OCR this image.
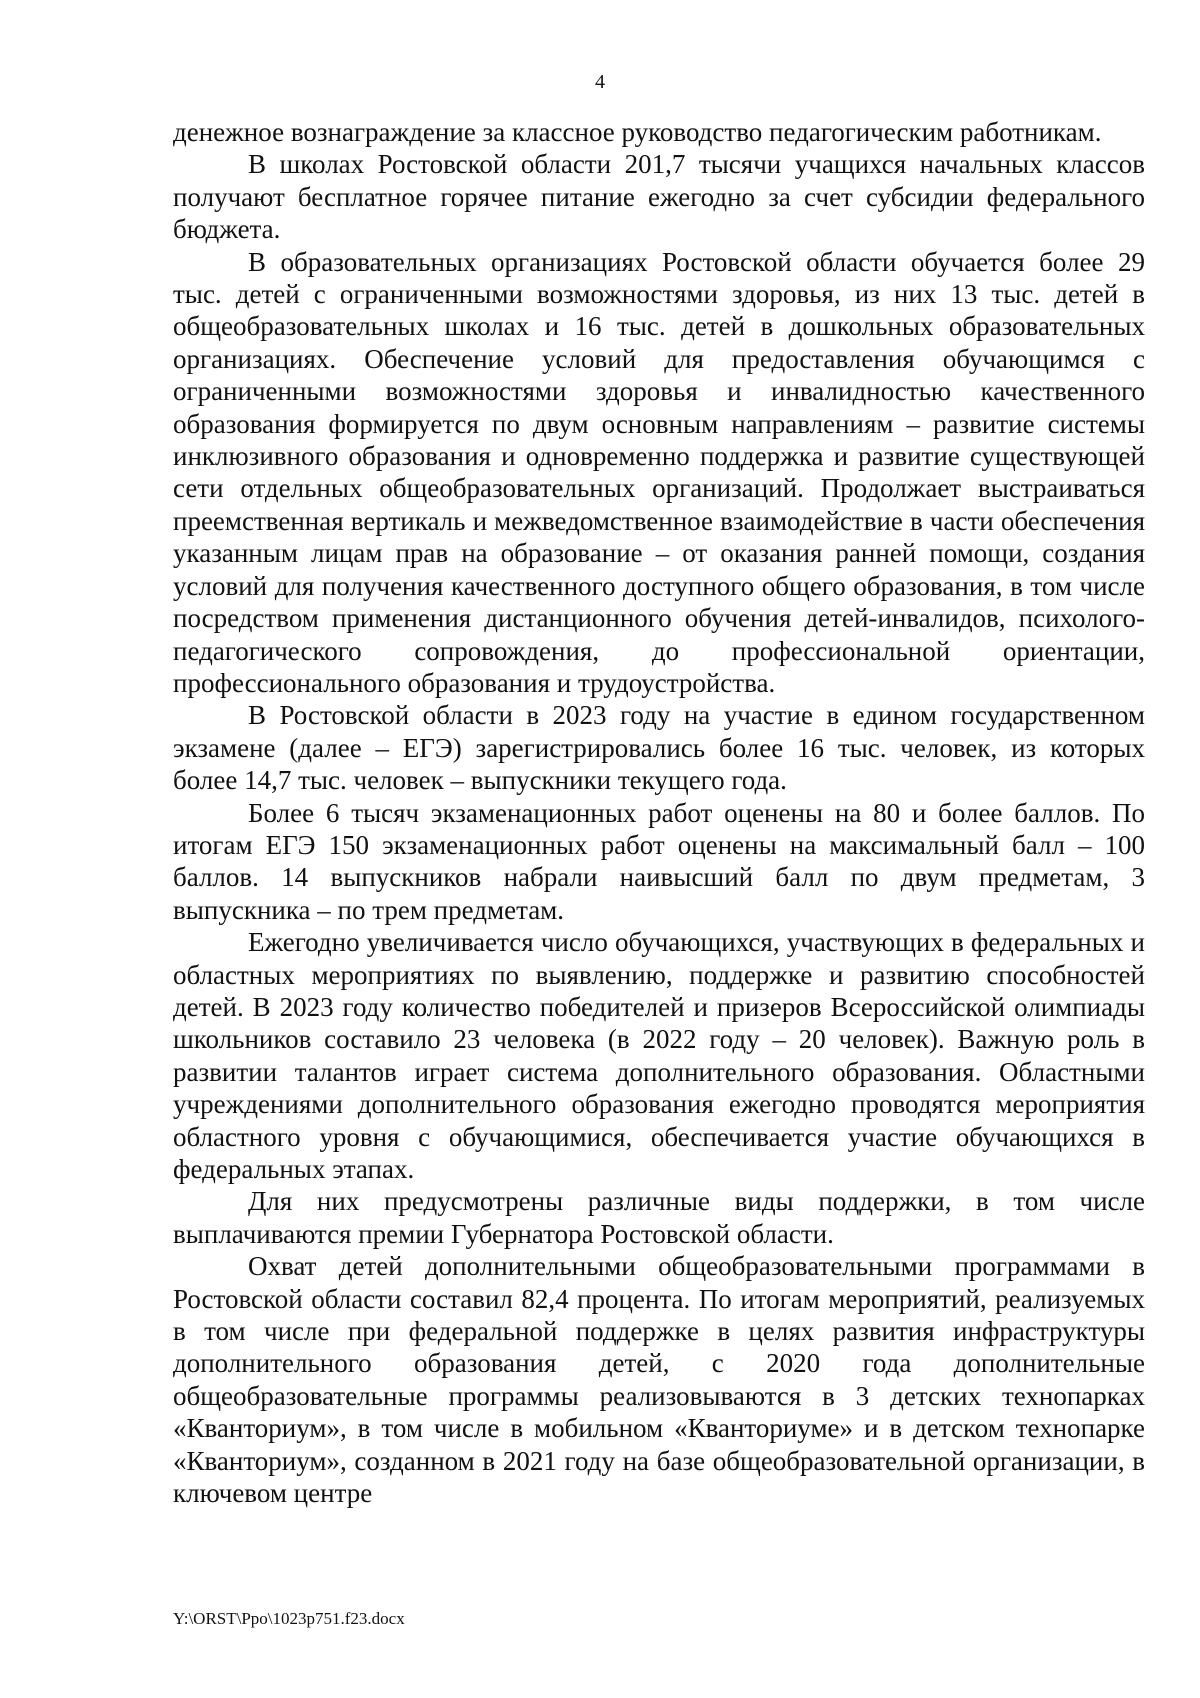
4

денежное вознаграждение за классное руководство педагогическим работникам.

В школах Ростовской области 201,7 тысячи учащихся начальных классов получают бесплатное горячее питание ежегодно за счет субсидии федерального бюджета.

В образовательных организациях Ростовской области обучается более 29 тыс. детей с ограниченными возможностями здоровья, из них 13 тыс. детей в общеобразовательных школах и 16 тыс. детей в дошкольных образовательных организациях. Обеспечение условий для предоставления обучающимся с ограниченными возможностями здоровья и инвалидностью качественного образования формируется по двум основным направлениям – развитие системы инклюзивного образования и одновременно поддержка и развитие существующей сети отдельных общеобразовательных организаций. Продолжает выстраиваться преемственная вертикаль и межведомственное взаимодействие в части обеспечения указанным лицам прав на образование – от оказания ранней помощи, создания условий для получения качественного доступного общего образования, в том числе посредством применения дистанционного обучения детей-инвалидов, психолого-педагогического сопровождения, до профессиональной ориентации, профессионального образования и трудоустройства.

В Ростовской области в 2023 году на участие в едином государственном экзамене (далее – ЕГЭ) зарегистрировались более 16 тыс. человек, из которых более 14,7 тыс. человек – выпускники текущего года.

Более 6 тысяч экзаменационных работ оценены на 80 и более баллов. По итогам ЕГЭ 150 экзаменационных работ оценены на максимальный балл – 100 баллов. 14 выпускников набрали наивысший балл по двум предметам, 3 выпускника – по трем предметам.

Ежегодно увеличивается число обучающихся, участвующих в федеральных и областных мероприятиях по выявлению, поддержке и развитию способностей детей. В 2023 году количество победителей и призеров Всероссийской олимпиады школьников составило 23 человека (в 2022 году – 20 человек). Важную роль в развитии талантов играет система дополнительного образования. Областными учреждениями дополнительного образования ежегодно проводятся мероприятия областного уровня с обучающимися, обеспечивается участие обучающихся в федеральных этапах.

Для них предусмотрены различные виды поддержки, в том числе выплачиваются премии Губернатора Ростовской области.

Охват детей дополнительными общеобразовательными программами в Ростовской области составил 82,4 процента. По итогам мероприятий, реализуемых в том числе при федеральной поддержке в целях развития инфраструктуры дополнительного образования детей, с 2020 года дополнительные общеобразовательные программы реализовываются в 3 детских технопарках «Кванториум», в том числе в мобильном «Кванториуме» и в детском технопарке «Кванториум», созданном в 2021 году на базе общеобразовательной организации, в ключевом центре

Y:\ORST\Ppo\1023p751.f23.docx
